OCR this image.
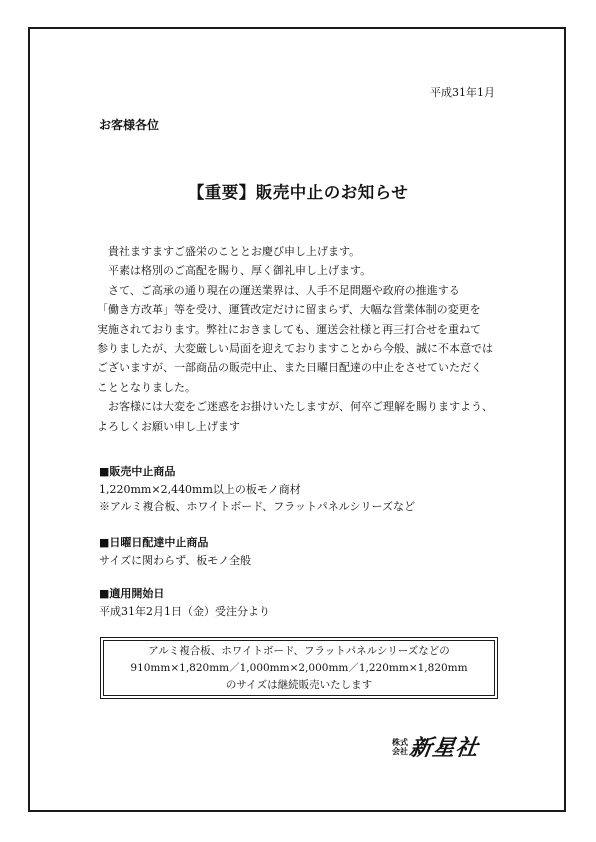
平成31年1月
お客様各位
【重要】販売中止のお知らせ

貴社ますますご盛栄のこととお慶び申し上げます。

平素は格別のご高配を賜り、厚く御礼申し上げます。

さて、ご高承の通り現在の運送業界は、人手不足問題や政府の推進する

「働き方改革」等を受け、運賃改定だけに留まらず、大幅な営業体制の変更を

実施されております。弊社におきましても、運送会社様と再三打合せを重ねて

参りましたが、大変厳しい局面を迎えておりますことから今般、誠に不本意では

ございますが、一部商品の販売中止、また日曜日配達の中止をさせていただく

こととなりました。

お客様には大変をご迷惑をお掛けいたしますが、何卒ご理解を賜りますよう、

よろしくお願い申し上げます

■販売中止商品
1,220mm×2,440mm以上の板モノ商材
※アルミ複合板、ホワイトボード、フラットパネルシリーズなど
■日曜日配達中止商品
サイズに関わらず、板モノ全般
■適用開始日
平成31年2月1日（金）受注分より
アルミ複合板、ホワイトボード、フラットパネルシリーズなどの
910mm×1,820mm／1,000mm×2,000mm／1,220mm×1,820mm
のサイズは継続販売いたします
株式
会社 新星社
